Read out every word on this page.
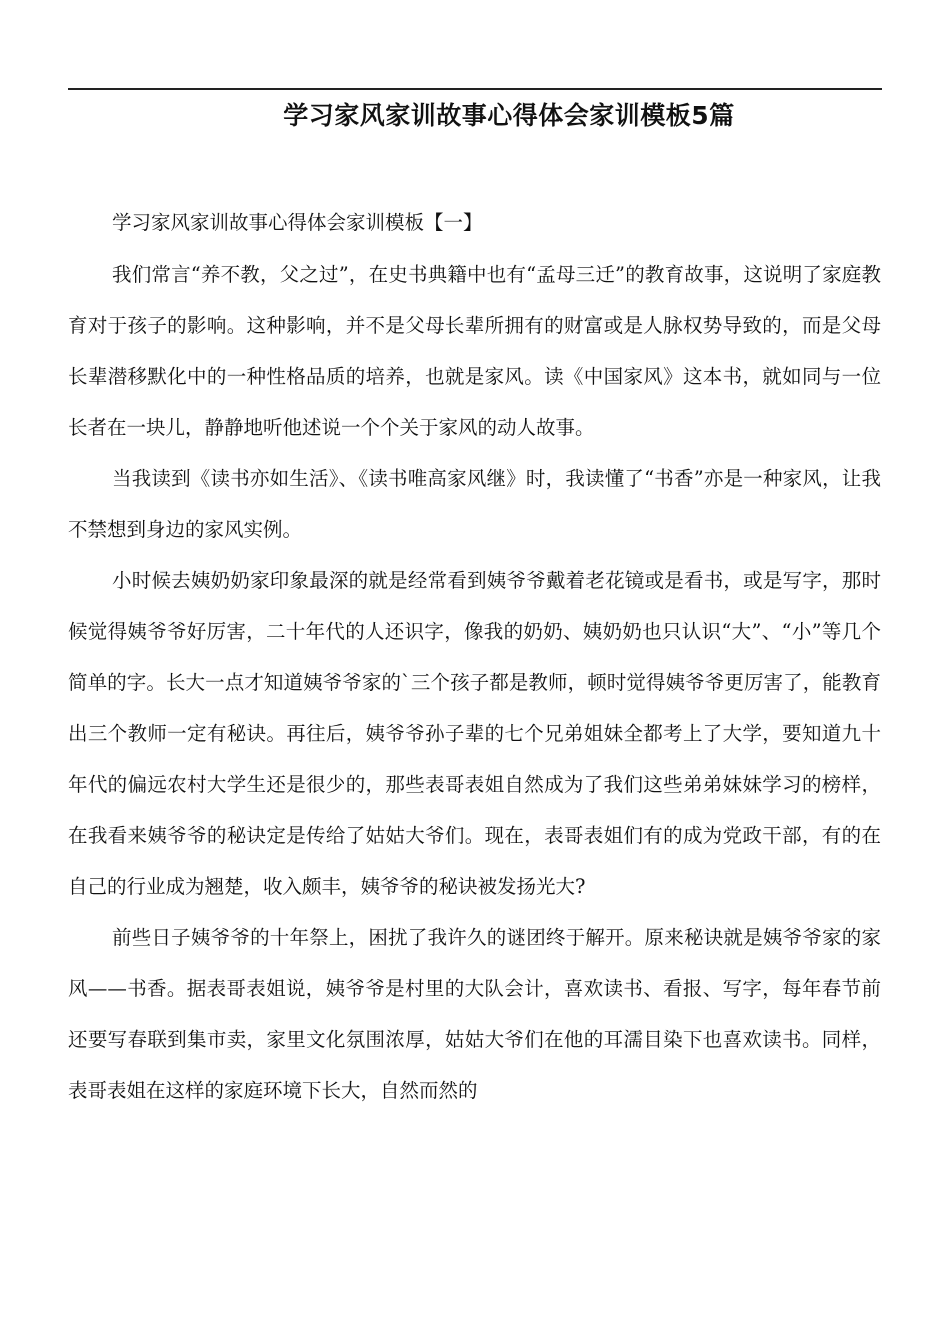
学习家风家训故事心得体会家训模板5篇

学习家风家训故事心得体会家训模板【一】

我们常言“养不教，父之过”，在史书典籍中也有“孟母三迁”的教育故事，这说明了家庭教育对于孩子的影响。这种影响，并不是父母长辈所拥有的财富或是人脉权势导致的，而是父母长辈潜移默化中的一种性格品质的培养，也就是家风。读《中国家风》这本书，就如同与一位长者在一块儿，静静地听他述说一个个关于家风的动人故事。

当我读到《读书亦如生活》、《读书唯高家风继》时，我读懂了“书香”亦是一种家风，让我不禁想到身边的家风实例。

小时候去姨奶奶家印象最深的就是经常看到姨爷爷戴着老花镜或是看书，或是写字，那时候觉得姨爷爷好厉害，二十年代的人还识字，像我的奶奶、姨奶奶也只认识“大”、“小”等几个简单的字。长大一点才知道姨爷爷家的`三个孩子都是教师，顿时觉得姨爷爷更厉害了，能教育出三个教师一定有秘诀。再往后，姨爷爷孙子辈的七个兄弟姐妹全都考上了大学，要知道九十年代的偏远农村大学生还是很少的，那些表哥表姐自然成为了我们这些弟弟妹妹学习的榜样，在我看来姨爷爷的秘诀定是传给了姑姑大爷们。现在，表哥表姐们有的成为党政干部，有的在自己的行业成为翘楚，收入颇丰，姨爷爷的秘诀被发扬光大?

前些日子姨爷爷的十年祭上，困扰了我许久的谜团终于解开。原来秘诀就是姨爷爷家的家风——书香。据表哥表姐说，姨爷爷是村里的大队会计，喜欢读书、看报、写字，每年春节前还要写春联到集市卖，家里文化氛围浓厚，姑姑大爷们在他的耳濡目染下也喜欢读书。同样，表哥表姐在这样的家庭环境下长大，自然而然的
